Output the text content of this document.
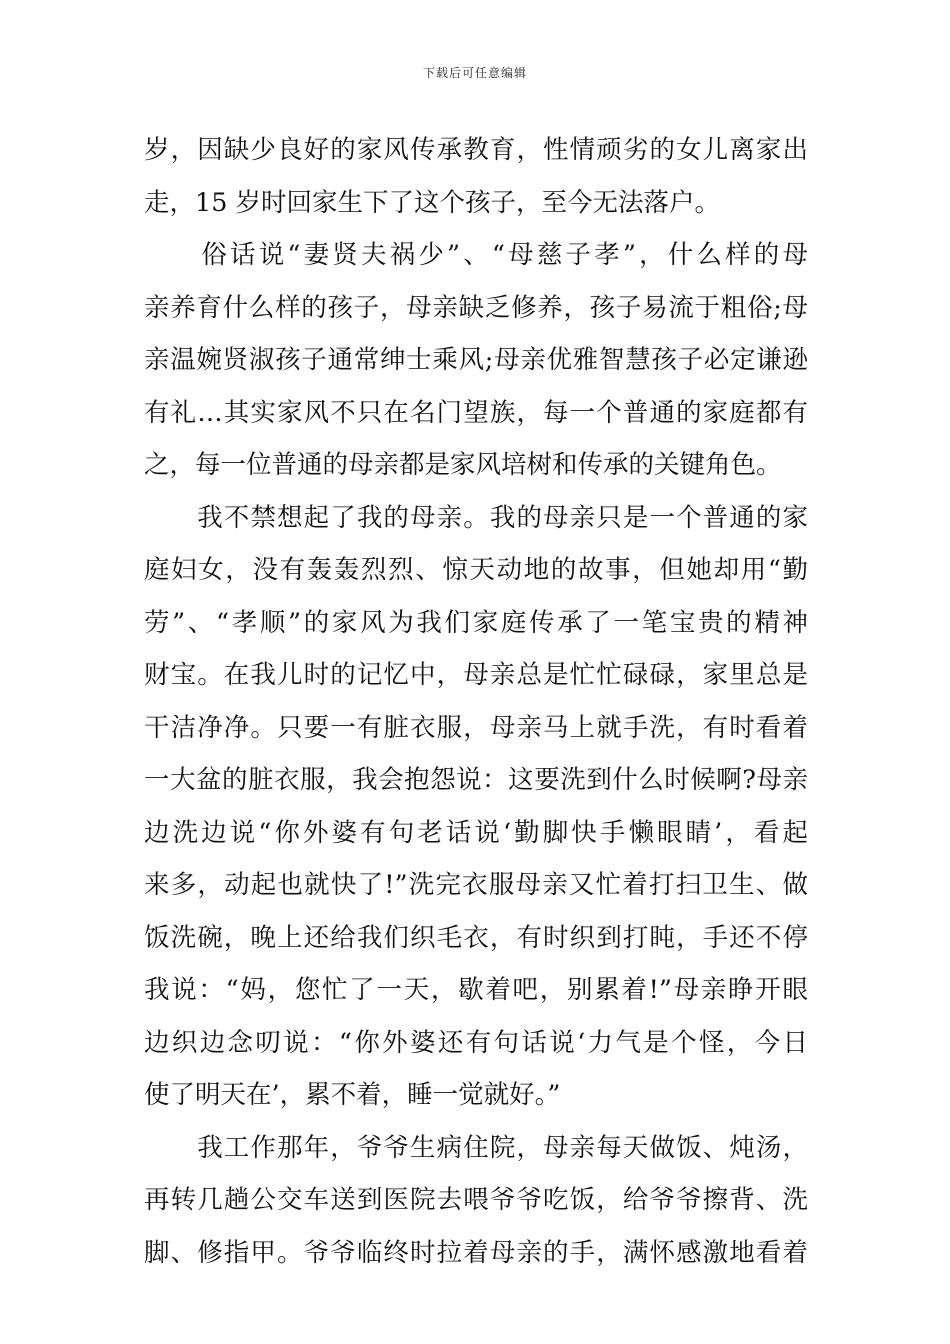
下载后可任意编辑
岁，因缺少良好的家风传承教育，性情顽劣的女儿离家出
走，15 岁时回家生下了这个孩子，至今无法落户。
　　俗话说“妻贤夫祸少”、“母慈子孝”，什么样的母
亲养育什么样的孩子，母亲缺乏修养，孩子易流于粗俗;母
亲温婉贤淑孩子通常绅士乘风;母亲优雅智慧孩子必定谦逊
有礼…其实家风不只在名门望族，每一个普通的家庭都有
之，每一位普通的母亲都是家风培树和传承的关键角色。
　　我不禁想起了我的母亲。我的母亲只是一个普通的家
庭妇女，没有轰轰烈烈、惊天动地的故事，但她却用“勤
劳”、“孝顺”的家风为我们家庭传承了一笔宝贵的精神
财宝。在我儿时的记忆中，母亲总是忙忙碌碌，家里总是
干洁净净。只要一有脏衣服，母亲马上就手洗，有时看着
一大盆的脏衣服，我会抱怨说：这要洗到什么时候啊?母亲
边洗边说“你外婆有句老话说‘勤脚快手懒眼睛’，看起
来多，动起也就快了!”洗完衣服母亲又忙着打扫卫生、做
饭洗碗，晚上还给我们织毛衣，有时织到打盹，手还不停
我说：“妈，您忙了一天，歇着吧，别累着!”母亲睁开眼
边织边念叨说：“你外婆还有句话说‘力气是个怪，今日
使了明天在’，累不着，睡一觉就好。”
　　我工作那年，爷爷生病住院，母亲每天做饭、炖汤，
再转几趟公交车送到医院去喂爷爷吃饭，给爷爷擦背、洗
脚、修指甲。爷爷临终时拉着母亲的手，满怀感激地看着
